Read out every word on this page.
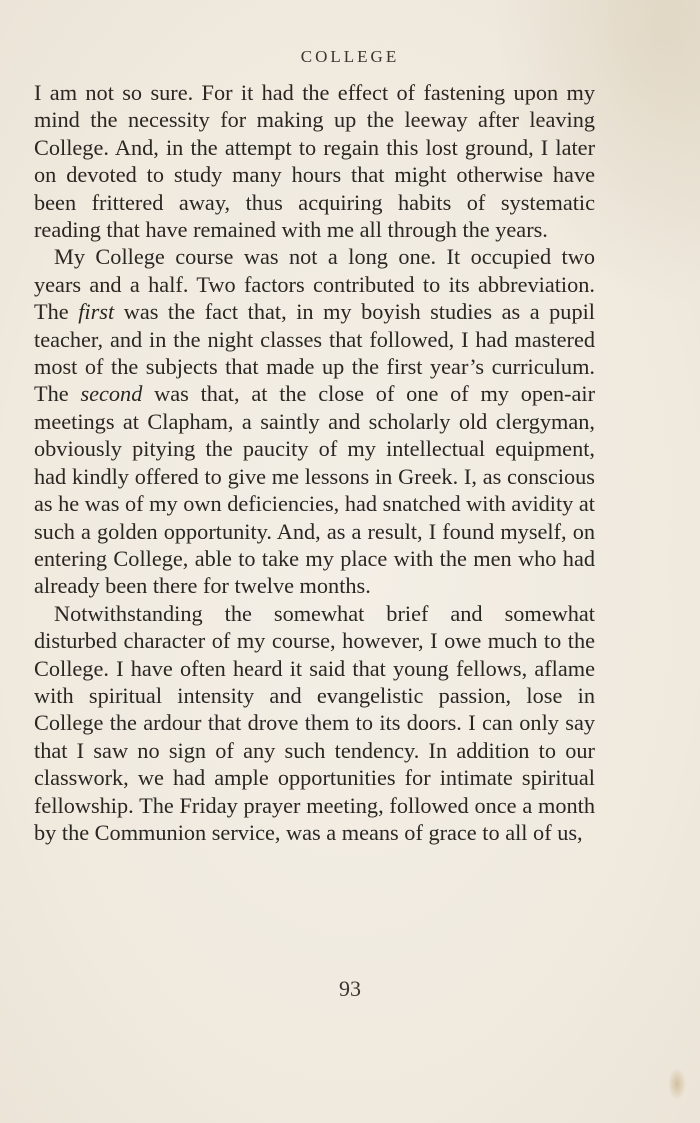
COLLEGE

I am not so sure. For it had the effect of fastening upon my mind the necessity for making up the leeway after leaving College. And, in the attempt to regain this lost ground, I later on devoted to study many hours that might otherwise have been frittered away, thus acquiring habits of systematic reading that have remained with me all through the years.

My College course was not a long one. It occupied two years and a half. Two factors contributed to its abbreviation. The first was the fact that, in my boyish studies as a pupil teacher, and in the night classes that followed, I had mastered most of the subjects that made up the first year’s curriculum. The second was that, at the close of one of my open-air meetings at Clapham, a saintly and scholarly old clergyman, obviously pitying the paucity of my intellectual equipment, had kindly offered to give me lessons in Greek. I, as conscious as he was of my own deficiencies, had snatched with avidity at such a golden opportunity. And, as a result, I found myself, on entering College, able to take my place with the men who had already been there for twelve months.

Notwithstanding the somewhat brief and somewhat disturbed character of my course, however, I owe much to the College. I have often heard it said that young fellows, aflame with spiritual intensity and evangelistic passion, lose in College the ardour that drove them to its doors. I can only say that I saw no sign of any such tendency. In addition to our classwork, we had ample opportunities for intimate spiritual fellowship. The Friday prayer meeting, followed once a month by the Communion service, was a means of grace to all of us,

93
